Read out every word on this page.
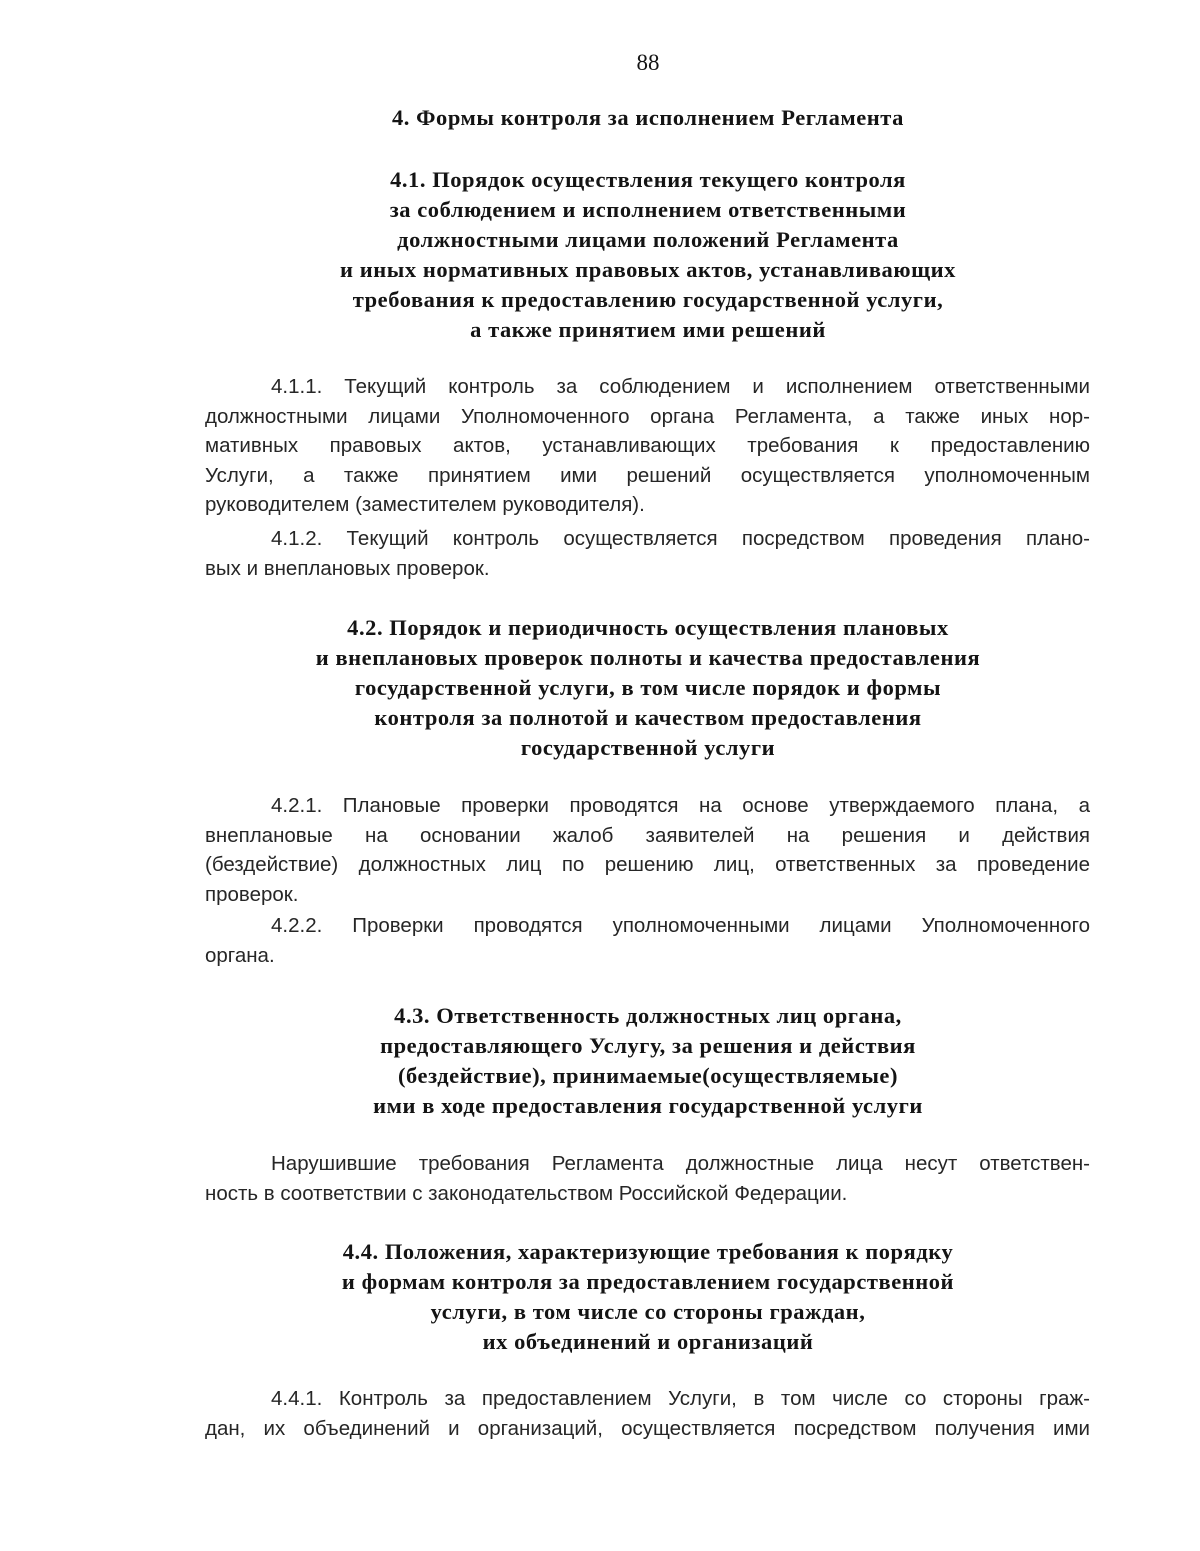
88
4. Формы контроля за исполнением Регламента
4.1. Порядок осуществления текущего контроля
за соблюдением и исполнением ответственными
должностными лицами положений Регламента
и иных нормативных правовых актов, устанавливающих
требования к предоставлению государственной услуги,
а также принятием ими решений
4.1.1. Текущий контроль за соблюдением и исполнением ответственными
должностными лицами Уполномоченного органа Регламента, а также иных нор-
мативных правовых актов, устанавливающих требования к предоставлению
Услуги, а также принятием ими решений осуществляется уполномоченным
руководителем (заместителем руководителя).
4.1.2. Текущий контроль осуществляется посредством проведения плано-
вых и внеплановых проверок.
4.2. Порядок и периодичность осуществления плановых
и внеплановых проверок полноты и качества предоставления
государственной услуги, в том числе порядок и формы
контроля за полнотой и качеством предоставления
государственной услуги
4.2.1. Плановые проверки проводятся на основе утверждаемого плана, а
внеплановые на основании жалоб заявителей на решения и действия
(бездействие) должностных лиц по решению лиц, ответственных за проведение
проверок.
4.2.2. Проверки проводятся уполномоченными лицами Уполномоченного
органа.
4.3. Ответственность должностных лиц органа,
предоставляющего Услугу, за решения и действия
(бездействие), принимаемые(осуществляемые)
ими в ходе предоставления государственной услуги
Нарушившие требования Регламента должностные лица несут ответствен-
ность в соответствии с законодательством Российской Федерации.
4.4. Положения, характеризующие требования к порядку
и формам контроля за предоставлением государственной
услуги, в том числе со стороны граждан,
их объединений и организаций
4.4.1. Контроль за предоставлением Услуги, в том числе со стороны граж-
дан, их объединений и организаций, осуществляется посредством получения ими
